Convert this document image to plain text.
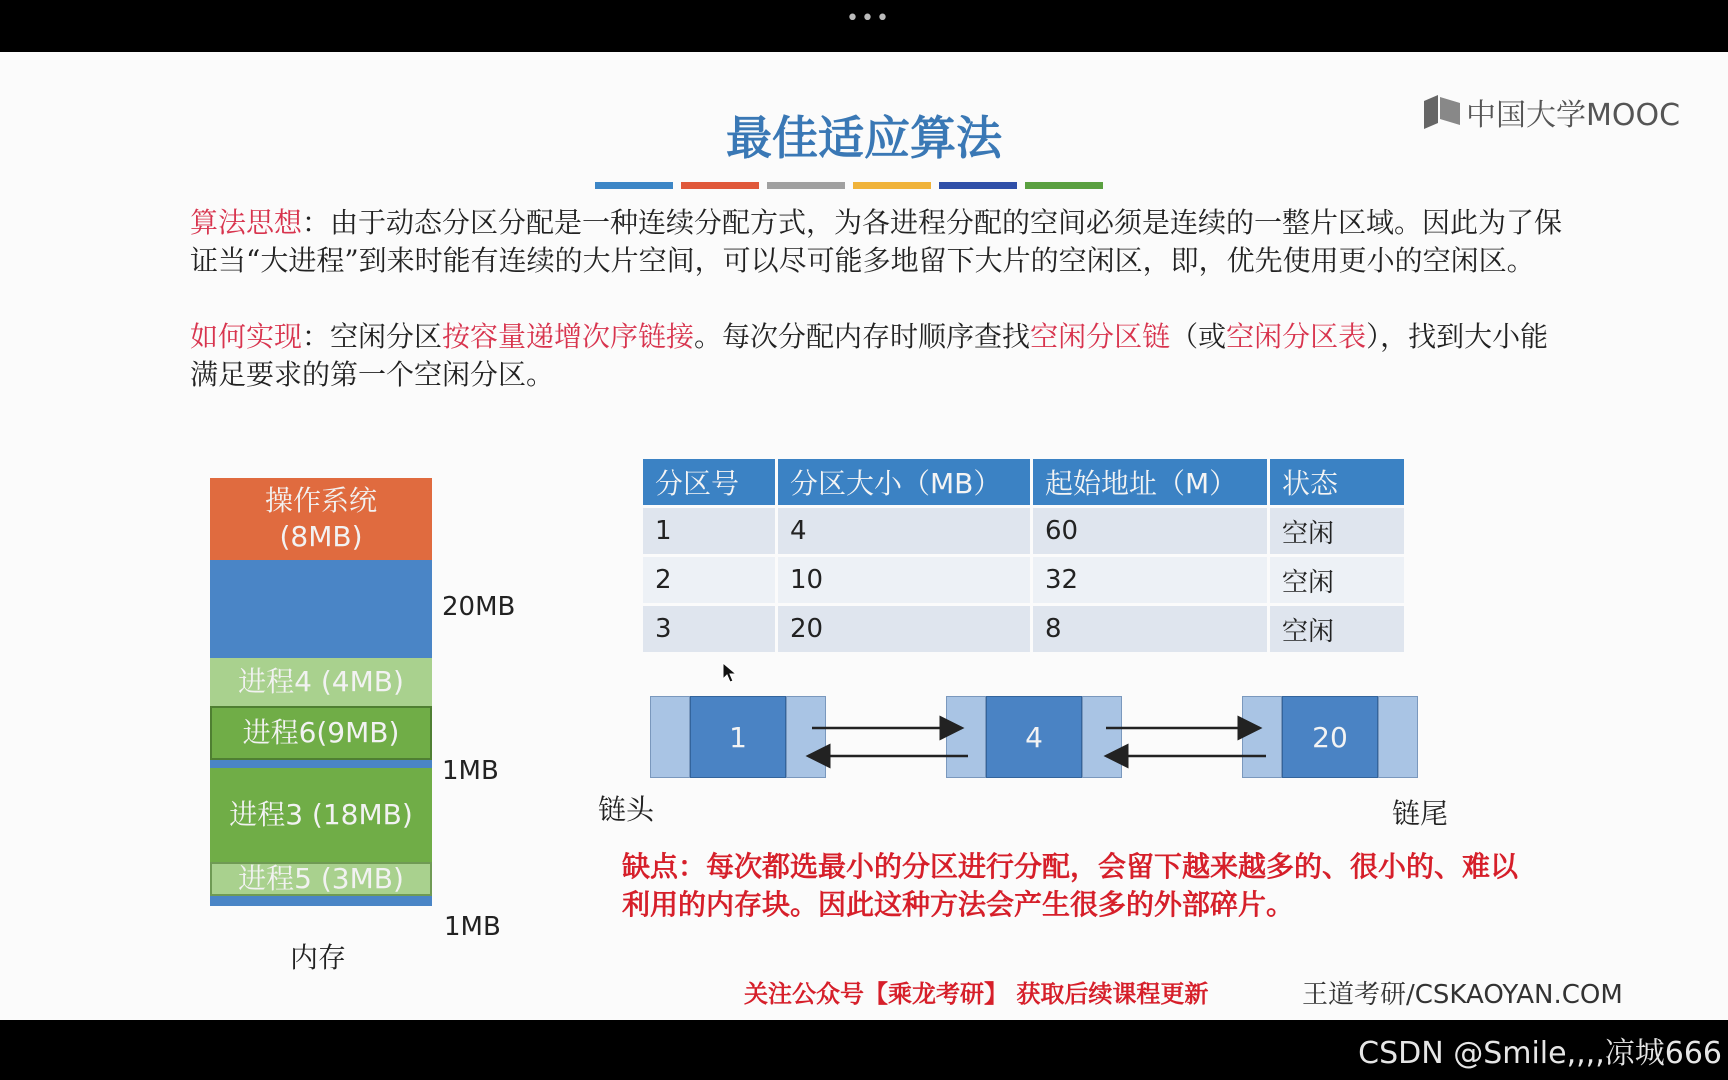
•••
中国大学MOOC
最佳适应算法
算法思想：由于动态分区分配是一种连续分配方式，为各进程分配的空间必须是连续的一整片区域。因此为了保证当“大进程”到来时能有连续的大片空间，可以尽可能多地留下大片的空闲区，即，优先使用更小的空闲区。
如何实现：空闲分区按容量递增次序链接。每次分配内存时顺序查找空闲分区链（或空闲分区表），找到大小能满足要求的第一个空闲分区。
操作系统
(8MB)
进程4 (4MB)
进程6(9MB)
进程3 (18MB)
进程5 (3MB)
20MB
1MB
1MB
内存
分区号	分区大小（MB）	起始地址（M）	状态
1	4	60	空闲
2	10	32	空闲
3	20	8	空闲
1	4	20
链头	链尾
缺点：每次都选最小的分区进行分配，会留下越来越多的、很小的、难以利用的内存块。因此这种方法会产生很多的外部碎片。
关注公众号【乘龙考研】 获取后续课程更新	王道考研/CSKAOYAN.COM
CSDN @Smile,,,,凉城666
